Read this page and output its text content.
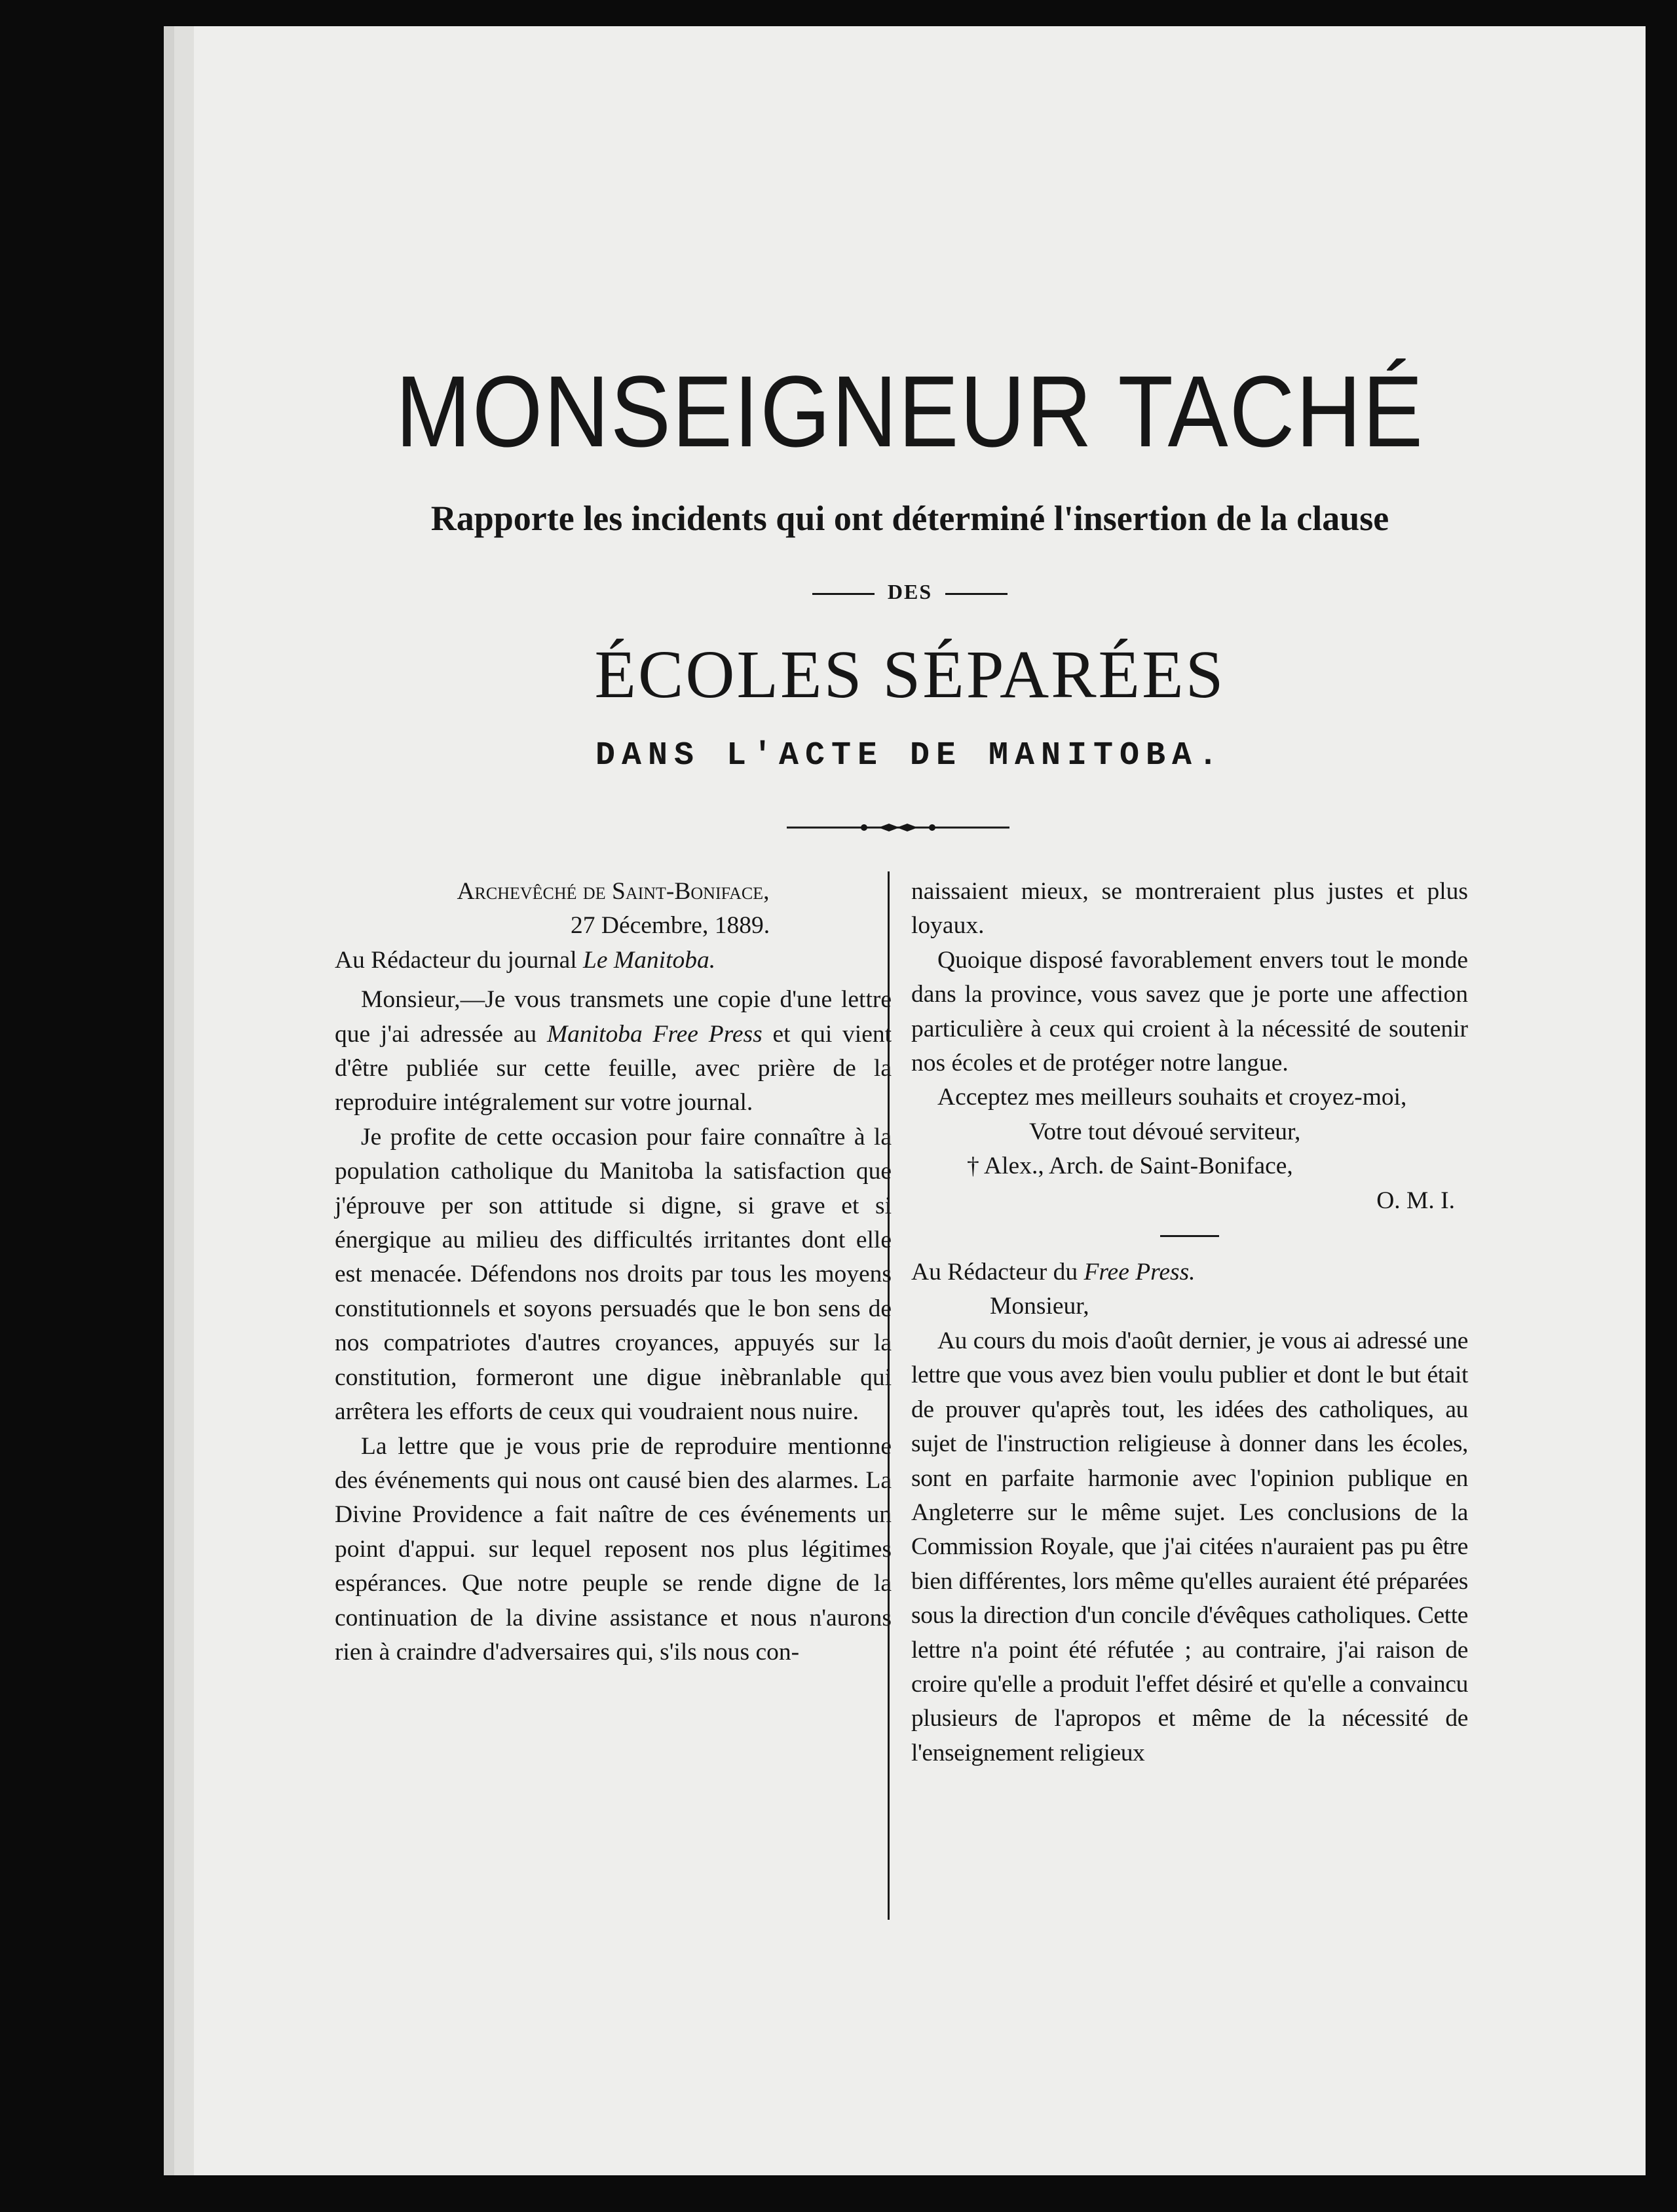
MONSEIGNEUR TACHÉ
Rapporte les incidents qui ont déterminé l'insertion de la clause
DES
ÉCOLES SÉPARÉES
DANS L'ACTE DE MANITOBA.

Archevêché de Saint-Boniface,

27 Décembre, 1889.

Au Rédacteur du journal Le Manitoba.

Monsieur,—Je vous transmets une copie d'une lettre que j'ai adressée au Manitoba Free Press et qui vient d'être publiée sur cette feuille, avec prière de la reproduire intégralement sur votre journal.

Je profite de cette occasion pour faire connaître à la population catholique du Manitoba la satisfaction que j'éprouve per son attitude si digne, si grave et si énergique au milieu des difficultés irritantes dont elle est menacée. Défendons nos droits par tous les moyens constitutionnels et soyons persuadés que le bon sens de nos compatriotes d'autres croyances, appuyés sur la constitution, formeront une digue inèbranlable qui arrêtera les efforts de ceux qui voudraient nous nuire.

La lettre que je vous prie de reproduire mentionne des événements qui nous ont causé bien des alarmes. La Divine Providence a fait naître de ces événements un point d'appui. sur lequel reposent nos plus légitimes espérances. Que notre peuple se rende digne de la continuation de la divine assistance et nous n'aurons rien à craindre d'adversaires qui, s'ils nous con-

naissaient mieux, se montreraient plus justes et plus loyaux.

Quoique disposé favorablement envers tout le monde dans la province, vous savez que je porte une affection particulière à ceux qui croient à la nécessité de soutenir nos écoles et de protéger notre langue.

Acceptez mes meilleurs souhaits et croyez-moi,

Votre tout dévoué serviteur,

† Alex., Arch. de Saint-Boniface,

O. M. I.

Au Rédacteur du Free Press.

Monsieur,

Au cours du mois d'août dernier, je vous ai adressé une lettre que vous avez bien voulu publier et dont le but était de prouver qu'après tout, les idées des catholiques, au sujet de l'instruction religieuse à donner dans les écoles, sont en parfaite harmonie avec l'opinion publique en Angleterre sur le même sujet. Les conclusions de la Commission Royale, que j'ai citées n'auraient pas pu être bien différentes, lors même qu'elles auraient été préparées sous la direction d'un concile d'évêques catholiques. Cette lettre n'a point été réfutée ; au contraire, j'ai raison de croire qu'elle a produit l'effet désiré et qu'elle a convaincu plusieurs de l'apropos et même de la nécessité de l'enseignement religieux
